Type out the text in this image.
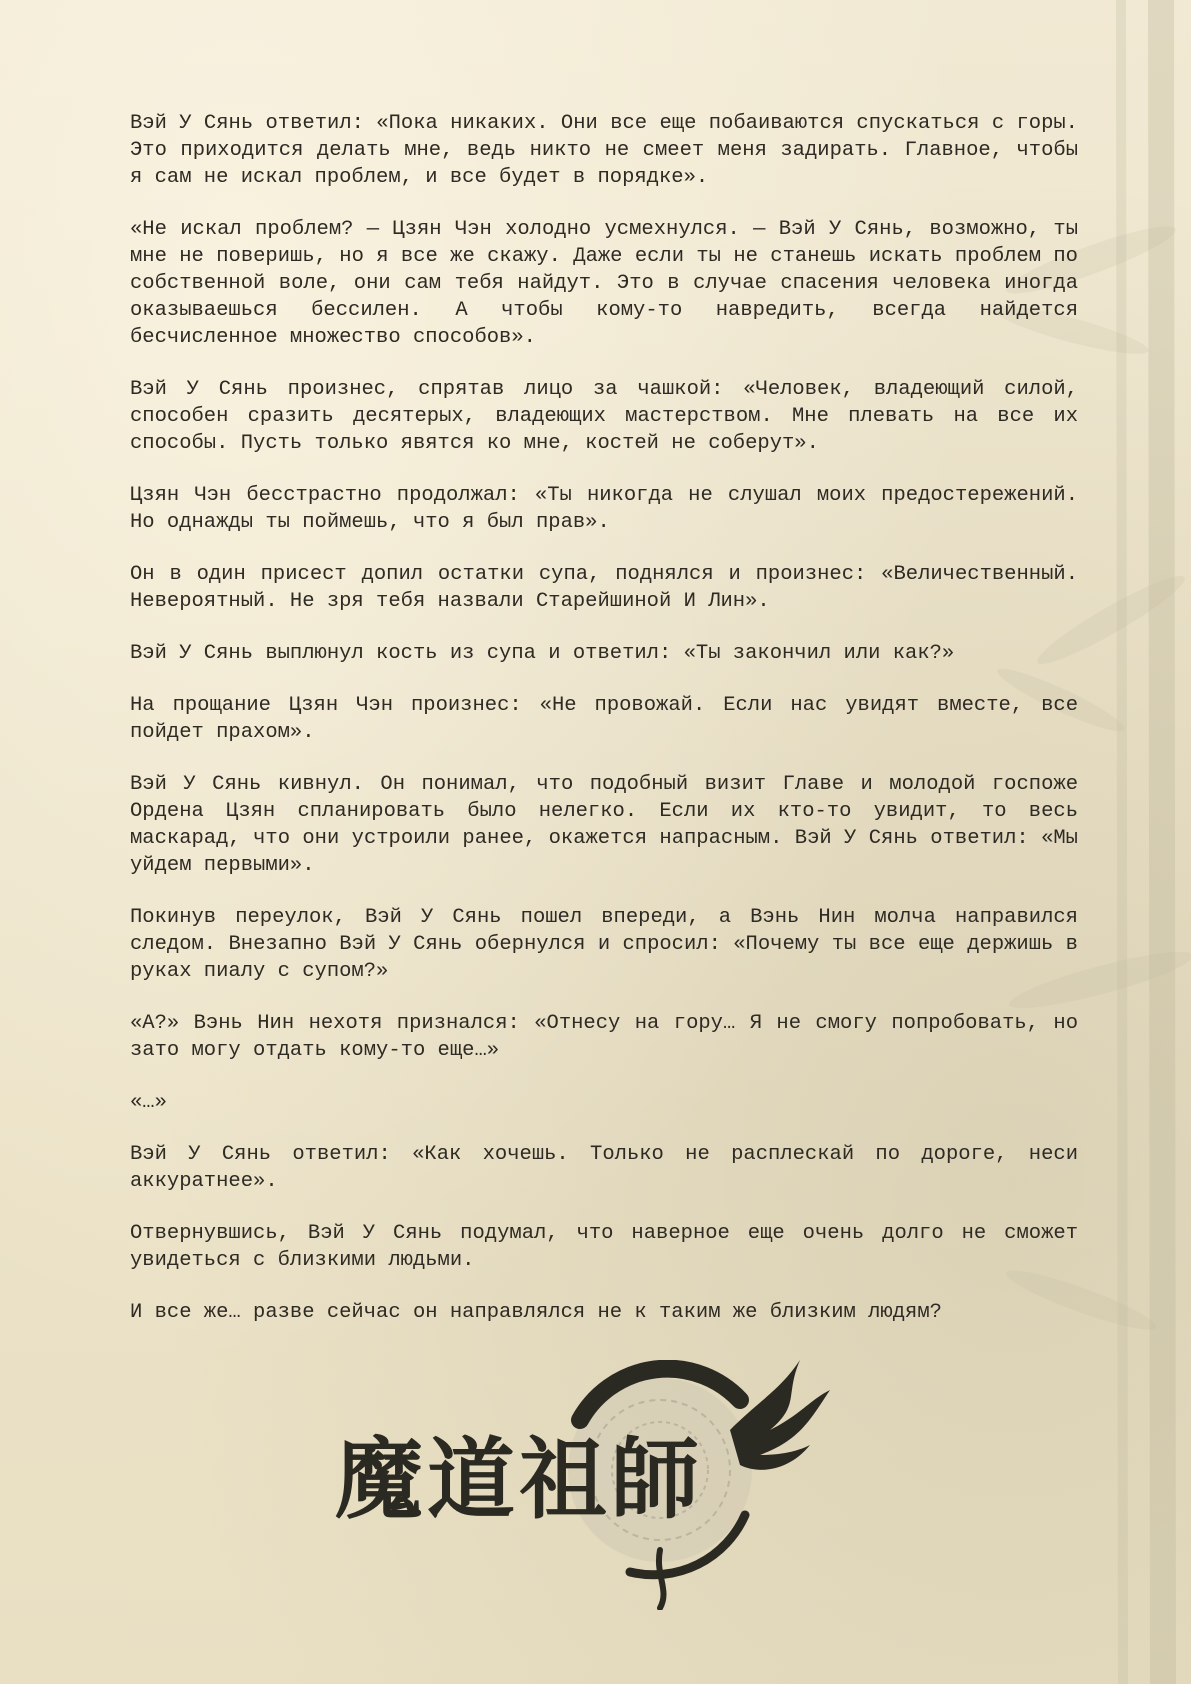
Вэй У Сянь ответил: «Пока никаких. Они все еще побаиваются спускаться с горы. Это приходится делать мне, ведь никто не смеет меня задирать. Главное, чтобы я сам не искал проблем, и все будет в порядке».

«Не искал проблем? — Цзян Чэн холодно усмехнулся. — Вэй У Сянь, возможно, ты мне не поверишь, но я все же скажу. Даже если ты не станешь искать проблем по собственной воле, они сам тебя найдут. Это в случае спасения человека иногда оказываешься бессилен. А чтобы кому-то навредить, всегда найдется бесчисленное множество способов».

Вэй У Сянь произнес, спрятав лицо за чашкой: «Человек, владеющий силой, способен сразить десятерых, владеющих мастерством. Мне плевать на все их способы. Пусть только явятся ко мне, костей не соберут».

Цзян Чэн бесстрастно продолжал: «Ты никогда не слушал моих предостережений. Но однажды ты поймешь, что я был прав».

Он в один присест допил остатки супа, поднялся и произнес: «Величественный. Невероятный. Не зря тебя назвали Старейшиной И Лин».

Вэй У Сянь выплюнул кость из супа и ответил: «Ты закончил или как?»

На прощание Цзян Чэн произнес: «Не провожай. Если нас увидят вместе, все пойдет прахом».

Вэй У Сянь кивнул. Он понимал, что подобный визит Главе и молодой госпоже Ордена Цзян спланировать было нелегко. Если их кто-то увидит, то весь маскарад, что они устроили ранее, окажется напрасным. Вэй У Сянь ответил: «Мы уйдем первыми».

Покинув переулок, Вэй У Сянь пошел впереди, а Вэнь Нин молча направился следом. Внезапно Вэй У Сянь обернулся и спросил: «Почему ты все еще держишь в руках пиалу с супом?»

«А?» Вэнь Нин нехотя признался: «Отнесу на гору… Я не смогу попробовать, но зато могу отдать кому-то еще…»

«…»

Вэй У Сянь ответил: «Как хочешь. Только не расплескай по дороге, неси аккуратнее».

Отвернувшись, Вэй У Сянь подумал, что наверное еще очень долго не сможет увидеться с близкими людьми.

И все же… разве сейчас он направлялся не к таким же близким людям?

魔道祖師
